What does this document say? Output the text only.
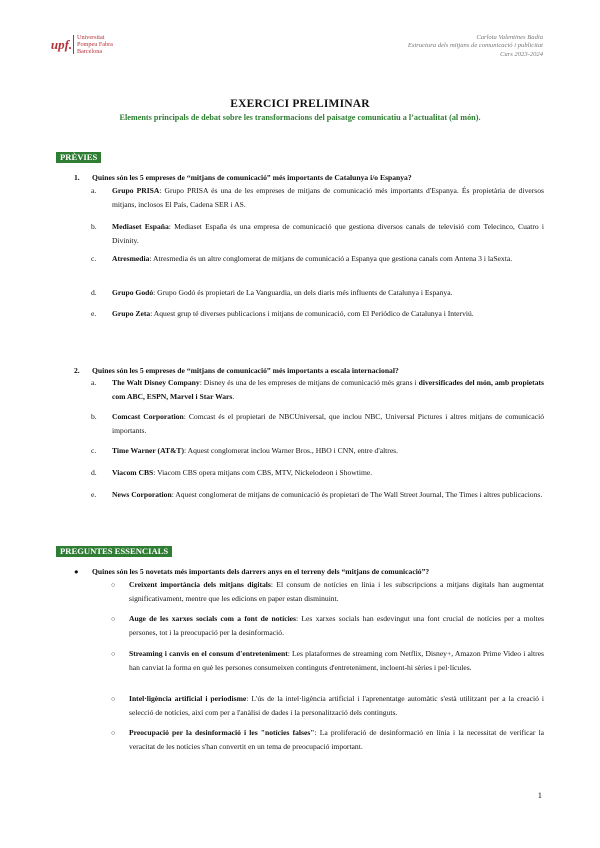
upf. Universitat
Pompeu Fabra
Barcelona
Carlota Valentines Badia
Estructura dels mitjans de comunicació i publicitat
Curs 2023-2024
EXERCICI PRELIMINAR
Elements principals de debat sobre les transformacions del paisatge comunicatiu a l’actualitat (al món).
PRÈVIES
1.	Quines són les 5 empreses de “mitjans de comunicació” més importants de Catalunya i/o Espanya?
a. Grupo PRISA: Grupo PRISA és una de les empreses de mitjans de comunicació més importants d'Espanya. És propietària de diversos mitjans, inclosos El País, Cadena SER i AS.
b. Mediaset España: Mediaset España és una empresa de comunicació que gestiona diversos canals de televisió com Telecinco, Cuatro i Divinity.
c. Atresmedia: Atresmedia és un altre conglomerat de mitjans de comunicació a Espanya que gestiona canals com Antena 3 i laSexta.
d. Grupo Godó: Grupo Godó és propietari de La Vanguardia, un dels diaris més influents de Catalunya i Espanya.
e. Grupo Zeta: Aquest grup té diverses publicacions i mitjans de comunicació, com El Periódico de Catalunya i Interviú.
2.	Quines són les 5 empreses de “mitjans de comunicació” més importants a escala internacional?
a. The Walt Disney Company: Disney és una de les empreses de mitjans de comunicació més grans i diversificades del món, amb propietats com ABC, ESPN, Marvel i Star Wars.
b. Comcast Corporation: Comcast és el propietari de NBCUniversal, que inclou NBC, Universal Pictures i altres mitjans de comunicació importants.
c. Time Warner (AT&T): Aquest conglomerat inclou Warner Bros., HBO i CNN, entre d'altres.
d. Viacom CBS: Viacom CBS opera mitjans com CBS, MTV, Nickelodeon i Showtime.
e. News Corporation: Aquest conglomerat de mitjans de comunicació és propietari de The Wall Street Journal, The Times i altres publicacions.
PREGUNTES ESSENCIALS
●	Quines són les 5 novetats més importants dels darrers anys en el terreny dels “mitjans de comunicació”?
○ Creixent importància dels mitjans digitals: El consum de notícies en línia i les subscripcions a mitjans digitals han augmentat significativament, mentre que les edicions en paper estan disminuint.
○ Auge de les xarxes socials com a font de notícies: Les xarxes socials han esdevingut una font crucial de notícies per a moltes persones, tot i la preocupació per la desinformació.
○ Streaming i canvis en el consum d'entreteniment: Les plataformes de streaming com Netflix, Disney+, Amazon Prime Video i altres han canviat la forma en què les persones consumeixen continguts d'entreteniment, incloent-hi sèries i pel·lícules.
○ Intel·ligència artificial i periodisme: L'ús de la intel·ligència artificial i l'aprenentatge automàtic s'està utilitzant per a la creació i selecció de notícies, així com per a l'anàlisi de dades i la personalització dels continguts.
○ Preocupació per la desinformació i les "notícies falses": La proliferació de desinformació en línia i la necessitat de verificar la veracitat de les notícies s'han convertit en un tema de preocupació important.
1
